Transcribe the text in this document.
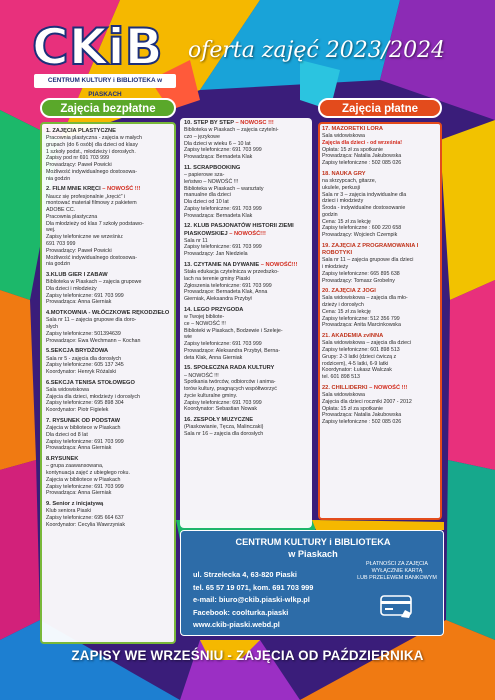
CKiB
CENTRUM KULTURY i BIBLIOTEKA w PIASKACH
oferta zajęć 2023/2024
Zajęcia bezpłatne	Zajęcia płatne
1. ZAJĘCIA PLASTYCZNE
Pracownia plastyczna - zajęcia w małych
grupach (do 6 osób) dla dzieci od klasy
1 szkoły podst., młodzieży i dorosłych.
Zapisy pod nr 691 703 999
Prowadzący: Paweł Powicki
Możliwość indywidualnego dostosowa-
nia godzin
2. FILM MNIE KRĘCI – NOWOŚĆ !!!
Naucz się profesjonalnie „kręcić” i
montować materiał filmowy z pakietem
ADOBE CC.
Pracownia plastyczna
Dla młodzieży od klas 7 szkoły podstawo-
wej.
Zapisy telefoniczne we wrześniu:
691 703 999
Prowadzący: Paweł Powicki
Możliwość indywidualnego dostosowa-
nia godzin
3.KLUB GIER I ZABAW
Biblioteka w Piaskach – zajęcia grupowe
Dla dzieci i młodzieży
Zapisy telefoniczne: 691 703 999
Prowadząca: Anna Gierniak
4.MOTKOWNIA - WŁÓCZKOWE RĘKODZIEŁO
Sala nr 11 – zajęcia grupowe dla doro-
słych
Zapisy telefoniczne: 501394639
Prowadzące: Ewa Wechmann – Kochan
5.SEKCJA BRYDŻOWA
Sala nr 5 - zajęcia dla dorosłych
Zapisy telefoniczne: 605 137 345
Koordynator: Henryk Różalski
6.SEKCJA TENISA STOŁOWEGO
Sala widowiskowa
Zajęcia dla dzieci, młodzieży i dorosłych
Zapisy telefoniczne: 695 898 304
Koordynator: Piotr Figielek
7. RYSUNEK OD PODSTAW
Zajęcia w bibliotece w Piaskach
Dla dzieci od 8 lat
Zapisy telefoniczne: 691 703 999
Prowadząca: Anna Gierniak
8.RYSUNEK
– grupa zaawansowana,
kontynuacja zajęć z ubiegłego roku.
Zajęcia w bibliotece w Piaskach
Zapisy telefoniczne: 691 703 999
Prowadząca: Anna Gierniak
9. Senior z inicjatywą
Klub seniora Piaski
Zapisy telefoniczne: 695 664 637
Koordynator: Cecylia Wawrzyniak
10. STEP BY STEP – NOWOŚĆ !!!
Biblioteka w Piaskach – zajęcia czytelni-
czo – językowe
Dla dzieci w wieku 6 – 10 lat
Zapisy telefoniczne: 691 703 999
Prowadząca: Bernadeta Klak
11. SCRAPBOOKING
– papierowe sza-
leństwo – NOWOŚĆ !!!
Biblioteka w Piaskach – warsztaty
manualne dla dzieci
Dla dzieci od 10 lat
Zapisy telefoniczne: 691 703 999
Prowadząca: Bernadeta Klak
12. KLUB PASJONATÓW HISTORII ZIEMI PIASKOWSKIEJ – NOWOŚĆ!!!
Sala nr 11
Zapisy telefoniczne: 691 703 999
Prowadzący: Jan Niedziela
13. CZYTANIE NA DYWANIE – NOWOŚĆ!!!
Stała edukacja czytelnicza w przedszko-
lach na terenie gminy Piaski
Zgłoszenia telefoniczne: 691 703 999
Prowadzące: Bernadeta Klak, Anna
Gierniak, Aleksandra Przybył
14. LEGO PRZYGODA
w Twojej bibliote-
ce – NOWOŚĆ !!!
Biblioteki w Piaskach, Bodzewie i Szeleje-
wie
Zapisy telefoniczne: 691 703 999
Prowadzące: Aleksandra Przybył, Berna-
deta Klak, Anna Gierniak
15. SPOŁECZNA RADA KULTURY
– NOWOŚĆ !!!
Spotkania twórców, odbiorców i anima-
torów kultury, pragnących współtworzyć
życie kulturalne gminy.
Zapisy telefoniczne: 691 703 999
Koordynator: Sebastian Nowak
16. ZESPOŁY MUZYCZNE
(Piaskowianie, Tęcza, Malinczaki)
Sala nr 16 – zajęcia dla dorosłych
17. MAŻORETKI LORA
Sala widowiskowa
Zajęcia dla dzieci - od września!
Opłata: 15 zł za spotkanie
Prowadząca: Natalia Jakubowska
Zapisy telefoniczne : 502 085 026
18. NAUKA GRY
na skrzypcach, gitarze,
ukulele, perkusji
Sala nr 3 – zajęcia indywidualne dla
dzieci i młodzieży
Środa - indywidualne dostosowanie
godzin
Cena: 15 zł za lekcję
Zapisy telefoniczne : 600 220 658
Prowadzący: Wojciech Czempik
19. ZAJĘCIA Z PROGRAMOWANIA I ROBOTYKI
Sala nr 11 – zajęcia grupowe dla dzieci
i młodzieży
Zapisy telefoniczne: 665 895 638
Prowadzący: Tomasz Grobelny
20. ZAJĘCIA Z JOGI
Sala widowiskowa – zajęcia dla mło-
dzieży i dorosłych
Cena: 15 zł za lekcję
Zapisy telefoniczne: 512 356 799
Prowadząca: Anita Marcinkowska
21. AKADEMIA zvINNA
Sala widowiskowa – zajęcia dla dzieci
Zapisy telefoniczne: 601 898 513
Grupy: 2-3 latki (dzieci ćwiczą z
rodzicem), 4-5 latki, 6-9 latki
Koordynator: Łukasz Walczak
tel. 601 898 513
22. CHILLIDERKI – NOWOŚĆ !!!
Sala widowiskowa
Zajęcia dla dzieci roczniki 2007 - 2012
Opłata: 15 zł za spotkanie
Prowadząca: Natalia Jakubowska
Zapisy telefoniczne : 502 085 026
CENTRUM KULTURY i BIBLIOTEKA
w Piaskach
ul. Strzelecka 4, 63-820 Piaski
tel. 65 57 19 071, kom. 691 703 999
e-mail: biuro@ckib.piaski-wlkp.pl
Facebook: coolturka.piaski
www.ckib-piaski.webd.pl
PŁATNOŚCI ZA ZAJĘCIA
WYŁĄCZNIE KARTĄ
LUB PRZELEWEM BANKOWYM
ZAPISY WE WRZEŚNIU - ZAJĘCIA OD PAŹDZIERNIKA
